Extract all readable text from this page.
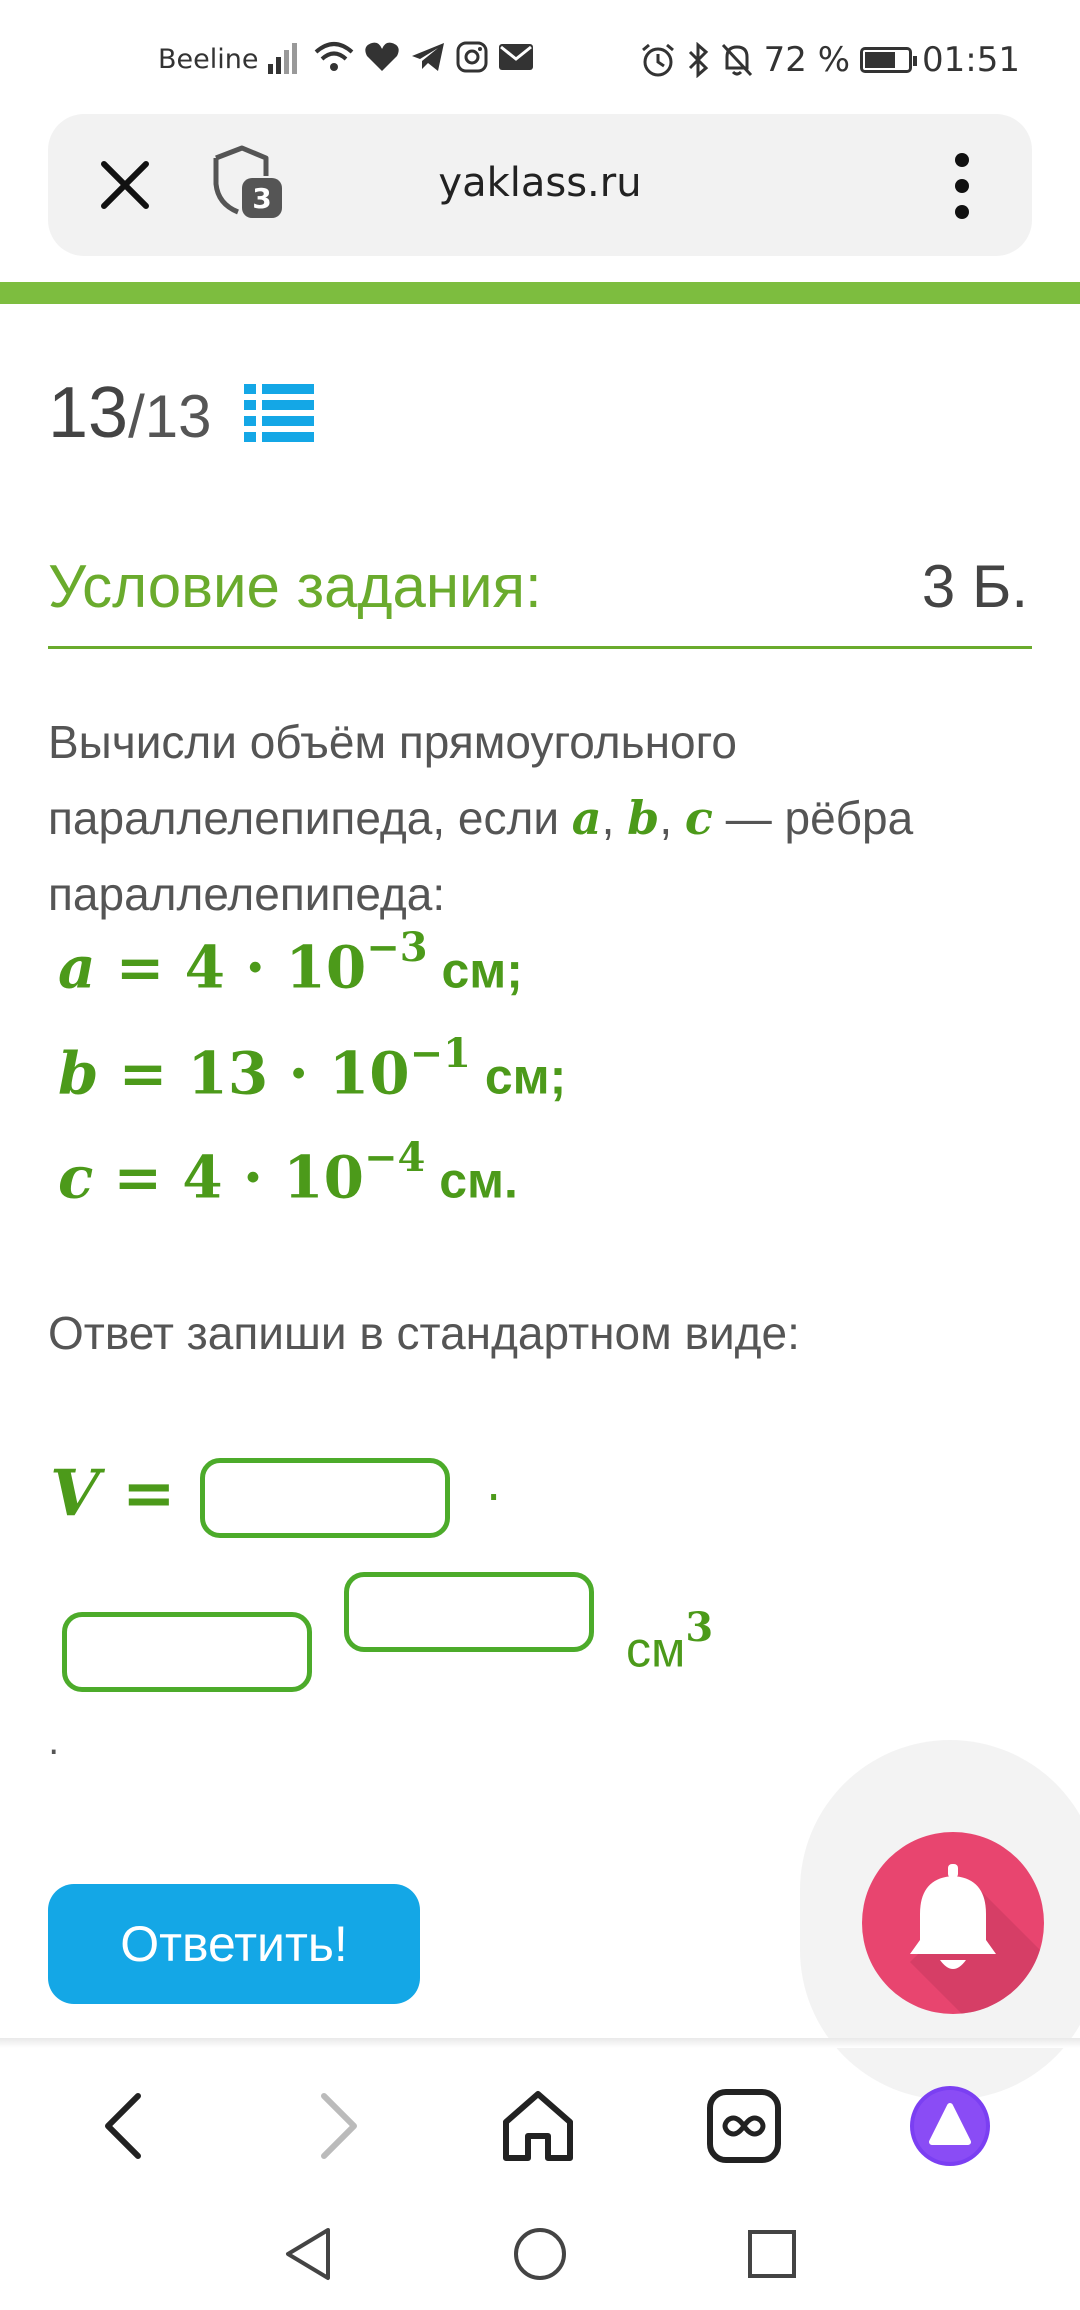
Beeline	72 % 01:51
3	yaklass.ru
13/13
Условие задания:	3 Б.
Вычисли объём прямоугольного параллелепипеда, если a, b, c — рёбра параллелепипеда:
$a = 4 \cdot 10^{-3}$ см;
$b = 13 \cdot 10^{-1}$ см;
$c = 4 \cdot 10^{-4}$ см.
Ответ запиши в стандартном виде:
V =	·
$см^3$
.
Ответить!
